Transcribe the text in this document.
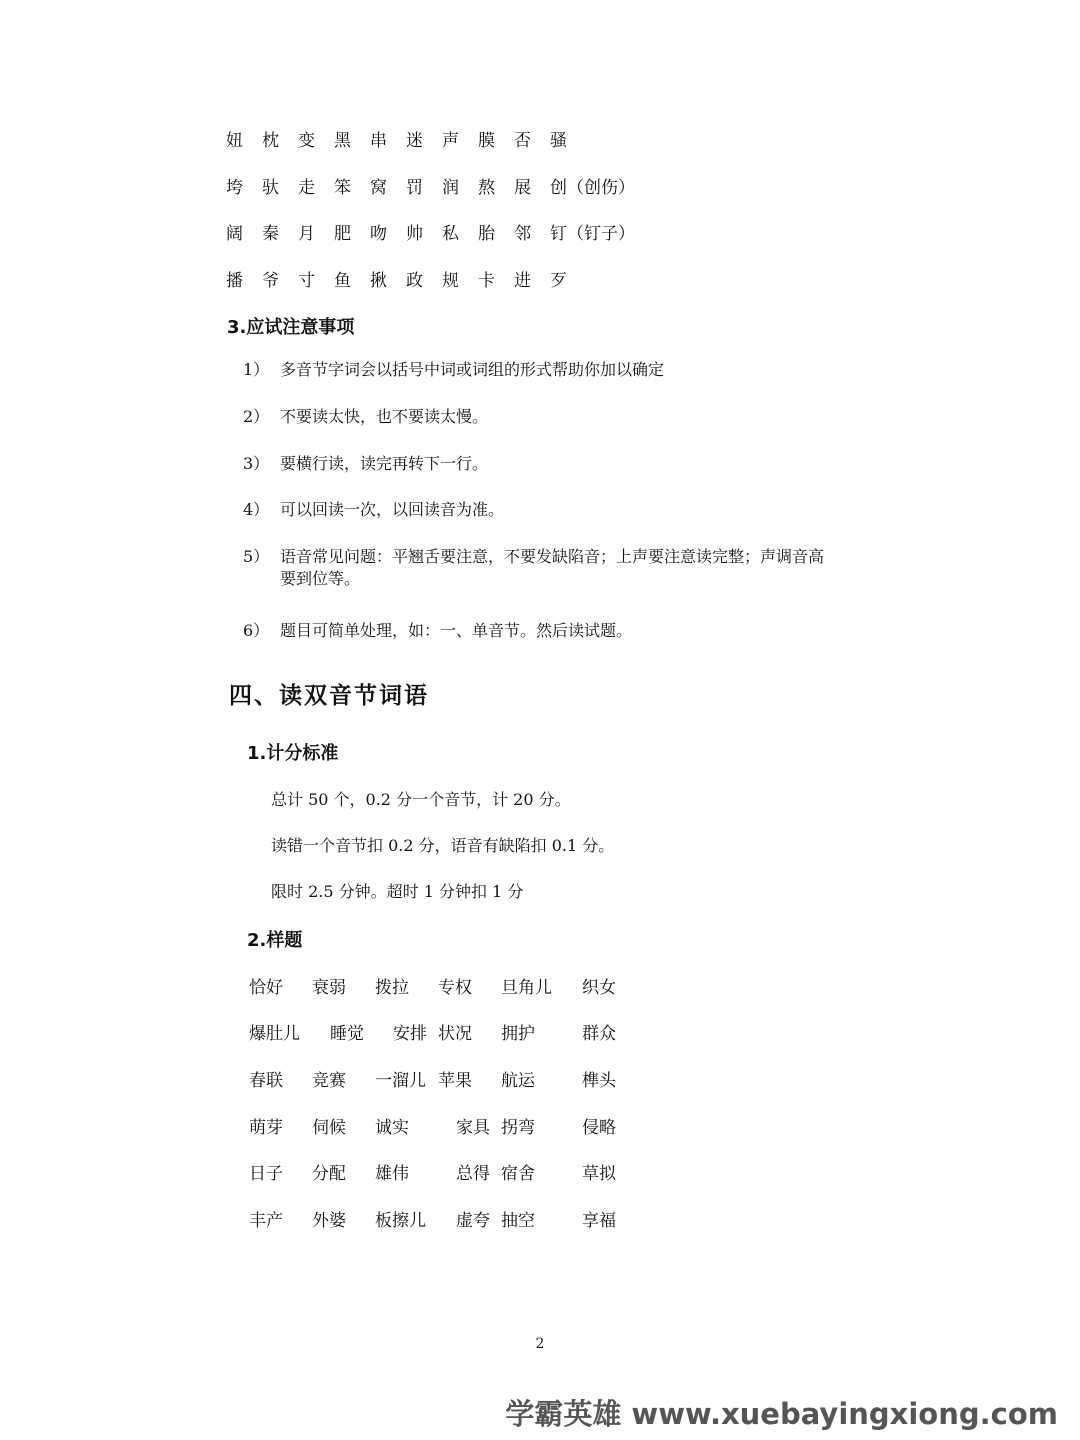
妞 枕 变 黑 串 迷 声 膜 否 骚
垮 驮 走 笨 窝 罚 润 熬 展 创（创伤）
阔 秦 月 肥 吻 帅 私 胎 邻 钉（钉子）
播 爷 寸 鱼 揪 政 规 卡 进 歹
3.应试注意事项
1） 多音节字词会以括号中词或词组的形式帮助你加以确定
2） 不要读太快，也不要读太慢。
3） 要横行读，读完再转下一行。
4） 可以回读一次，以回读音为准。
5） 语音常见问题：平翘舌要注意，不要发缺陷音；上声要注意读完整；声调音高要到位等。
6） 题目可简单处理，如：一、单音节。然后读试题。
四、读双音节词语
1.计分标准
总计 50 个，0.2 分一个音节，计 20 分。
读错一个音节扣 0.2 分，语音有缺陷扣 0.1 分。
限时 2.5 分钟。超时 1 分钟扣 1 分
2.样题
恰好 衰弱 拨拉 专权 旦角儿 织女
爆肚儿 睡觉 安排 状况 拥护	群众
春联 竞赛 一溜儿 苹果 航运	榫头
萌芽 伺候 诚实	家具 拐弯	侵略
日子 分配 雄伟	总得 宿舍	草拟
丰产 外婆 板擦儿 虚夸 抽空	享福
2
学霸英雄 www.xuebayingxiong.com
